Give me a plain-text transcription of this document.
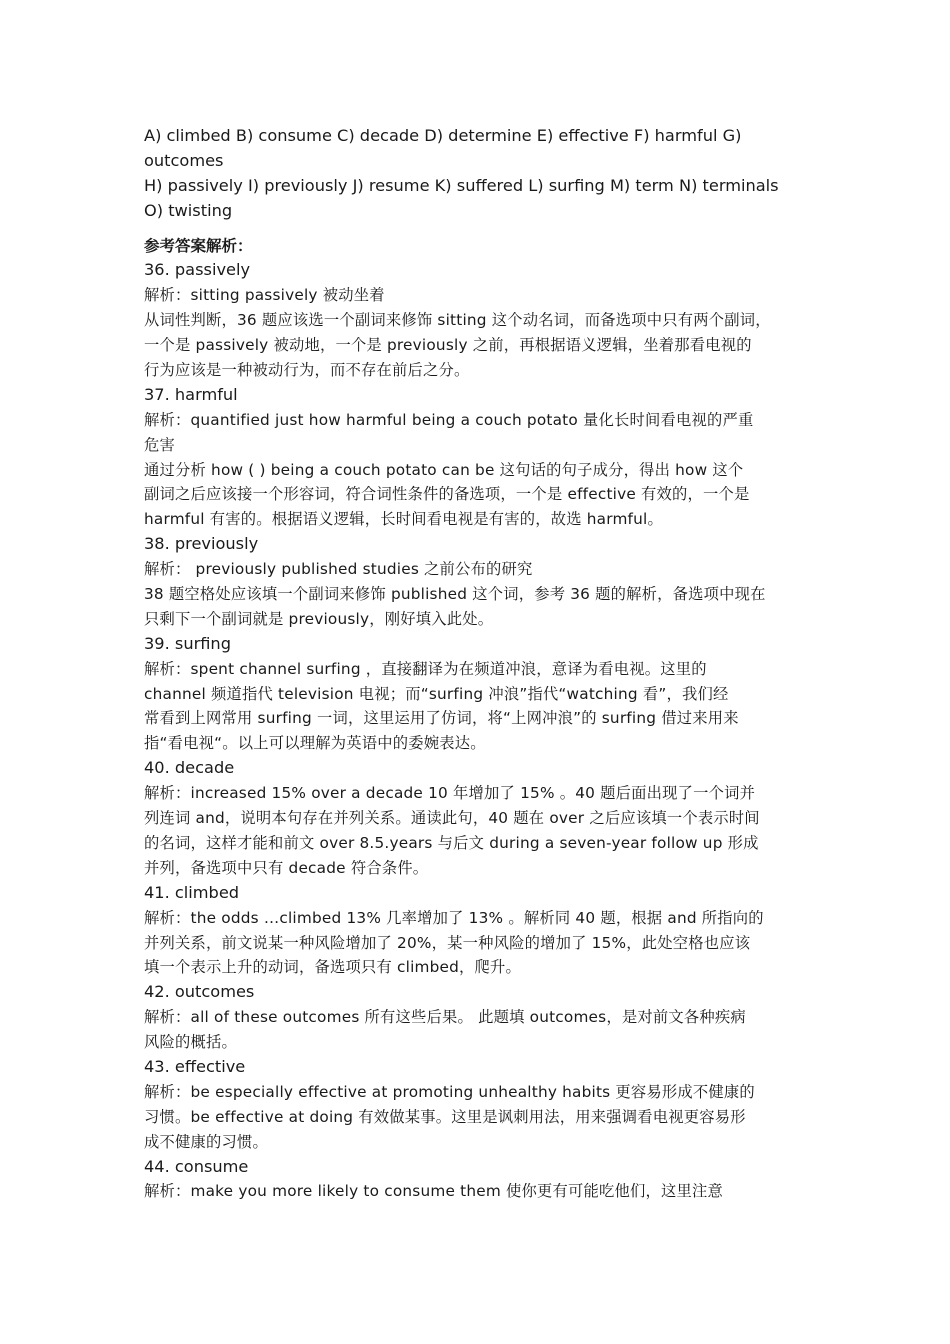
A) climbed B) consume C) decade D) determine E) effective F) harmful G)
outcomes
H) passively I) previously J) resume K) suffered L) surfing M) term N) terminals
O) twisting
参考答案解析：
36. passively
解析：sitting passively 被动坐着
从词性判断，36 题应该选一个副词来修饰 sitting 这个动名词，而备选项中只有两个副词，
一个是 passively 被动地，一个是 previously 之前，再根据语义逻辑，坐着那看电视的
行为应该是一种被动行为，而不存在前后之分。
37. harmful
解析：quantified just how harmful being a couch potato 量化长时间看电视的严重
危害
通过分析 how ( ) being a couch potato can be 这句话的句子成分，得出 how 这个
副词之后应该接一个形容词，符合词性条件的备选项，一个是 effective 有效的，一个是
harmful 有害的。根据语义逻辑，长时间看电视是有害的，故选 harmful。
38. previously
解析： previously published studies 之前公布的研究
38 题空格处应该填一个副词来修饰 published 这个词，参考 36 题的解析，备选项中现在
只剩下一个副词就是 previously，刚好填入此处。
39. surfing
解析：spent channel surfing ，直接翻译为在频道冲浪，意译为看电视。这里的
channel 频道指代 television 电视；而“surfing 冲浪”指代“watching 看”，我们经
常看到上网常用 surfing 一词，这里运用了仿词，将“上网冲浪”的 surfing 借过来用来
指“看电视“。以上可以理解为英语中的委婉表达。
40. decade
解析：increased 15% over a decade 10 年增加了 15% 。40 题后面出现了一个词并
列连词 and，说明本句存在并列关系。通读此句，40 题在 over 之后应该填一个表示时间
的名词，这样才能和前文 over 8.5.years 与后文 during a seven-year follow up 形成
并列，备选项中只有 decade 符合条件。
41. climbed
解析：the odds …climbed 13% 几率增加了 13% 。解析同 40 题，根据 and 所指向的
并列关系，前文说某一种风险增加了 20%，某一种风险的增加了 15%，此处空格也应该
填一个表示上升的动词，备选项只有 climbed，爬升。
42. outcomes
解析：all of these outcomes 所有这些后果。 此题填 outcomes，是对前文各种疾病
风险的概括。
43. effective
解析：be especially effective at promoting unhealthy habits 更容易形成不健康的
习惯。be effective at doing 有效做某事。这里是讽刺用法，用来强调看电视更容易形
成不健康的习惯。
44. consume
解析：make you more likely to consume them 使你更有可能吃他们，这里注意
